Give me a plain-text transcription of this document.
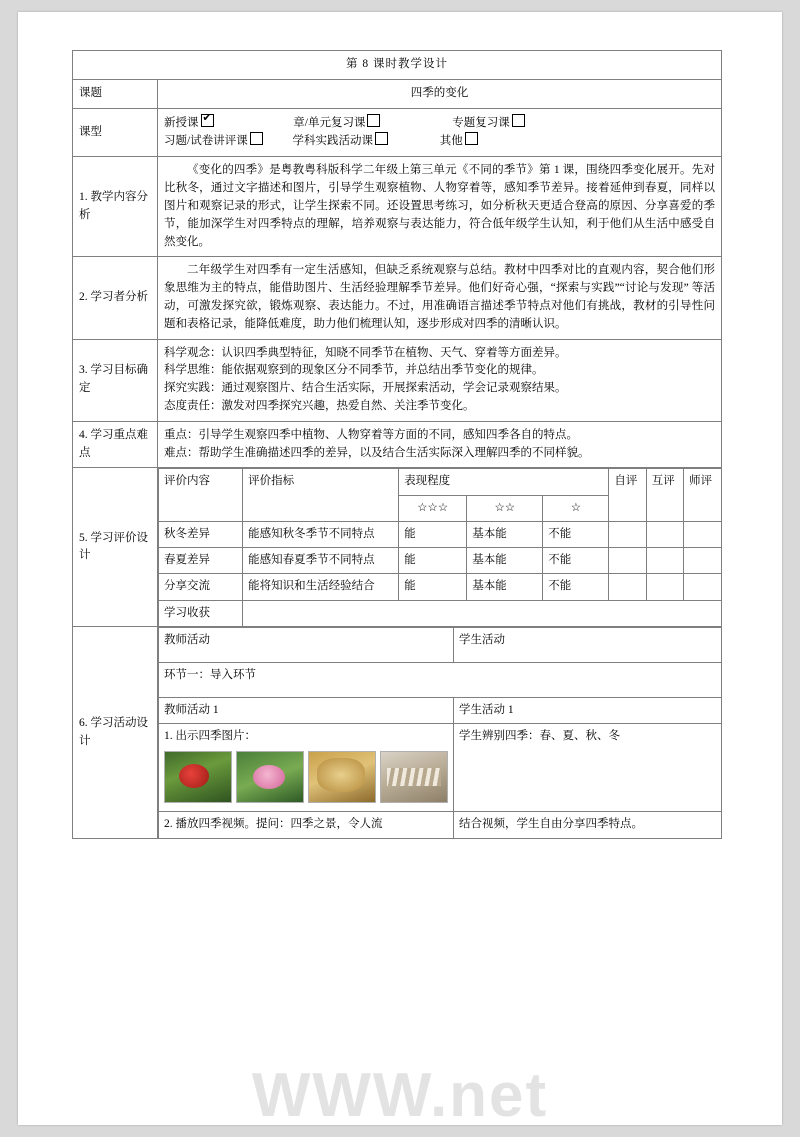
WWW.net
第 8 课时教学设计
课题	四季的变化
课型	
新授课 ✔	章/单元复习课	专题复习课
习题/试卷讲评课	学科实践活动课	其他

1. 教学内容分析	

《变化的四季》是粤教粤科版科学二年级上第三单元《不同的季节》第 1 课，围绕四季变化展开。先对比秋冬，通过文字描述和图片，引导学生观察植物、人物穿着等，感知季节差异。接着延伸到春夏，同样以图片和观察记录的形式，让学生探索不同。还设置思考练习，如分析秋天更适合登高的原因、分享喜爱的季节，能加深学生对四季特点的理解，培养观察与表达能力，符合低年级学生认知，利于他们从生活中感受自然变化。

2. 学习者分析	

二年级学生对四季有一定生活感知，但缺乏系统观察与总结。教材中四季对比的直观内容，契合他们形象思维为主的特点，能借助图片、生活经验理解季节差异。他们好奇心强，“探索与实践”“讨论与发现” 等活动，可激发探究欲，锻炼观察、表达能力。不过，用准确语言描述季节特点对他们有挑战，教材的引导性问题和表格记录，能降低难度，助力他们梳理认知，逐步形成对四季的清晰认识。

3. 学习目标确定	

科学观念：认识四季典型特征，知晓不同季节在植物、天气、穿着等方面差异。

科学思维：能依据观察到的现象区分不同季节，并总结出季节变化的规律。

探究实践：通过观察图片、结合生活实际，开展探索活动，学会记录观察结果。

态度责任：激发对四季探究兴趣，热爱自然、关注季节变化。

4. 学习重点难点	

重点：引导学生观察四季中植物、人物穿着等方面的不同，感知四季各自的特点。

难点：帮助学生准确描述四季的差异，以及结合生活实际深入理解四季的不同样貌。

5. 学习评价设计	
评价内容	评价指标	表现程度	自评	互评	师评
☆☆☆	☆☆	☆
秋冬差异	能感知秋冬季节不同特点	能	基本能	不能			
春夏差异	能感知春夏季节不同特点	能	基本能	不能			
分享交流	能将知识和生活经验结合	能	基本能	不能			
学习收获	

6. 学习活动设计	
教师活动	学生活动
环节一：导入环节
教师活动 1	学生活动 1

1. 出示四季图片：	学生辨别四季：春、夏、秋、冬

2. 播放四季视频。提问：四季之景，令人流	结合视频，学生自由分享四季特点。
